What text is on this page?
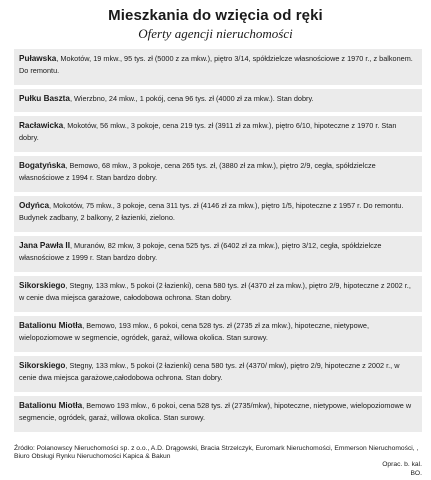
Mieszkania do wzięcia od ręki
Oferty agencji nieruchomości
Puławska, Mokotów, 19 mkw., 95 tys. zł (5000 z za mkw.), piętro 3/14, spółdzielcze własnościowe z 1970 r., z balkonem. Do remontu.
Pułku Baszta, Wierzbno, 24 mkw., 1 pokój, cena 96 tys. zł (4000 zł za mkw.). Stan dobry.
Racławicka, Mokotów, 56 mkw., 3 pokoje, cena 219 tys. zł (3911 zł za mkw.), piętro 6/10, hipoteczne z 1970 r. Stan dobry.
Bogatyńska, Bemowo, 68 mkw., 3 pokoje, cena 265 tys. zł, (3880 zł za mkw.), piętro 2/9, cegła, spółdzielcze własnościowe z 1994 r. Stan bardzo dobry.
Odyńca, Mokotów, 75 mkw., 3 pokoje, cena 311 tys. zł (4146 zł za mkw.), piętro 1/5, hipoteczne z 1957 r. Do remontu. Budynek zadbany, 2 balkony, 2 łazienki, zielono.
Jana Pawła II, Muranów, 82 mkw, 3 pokoje, cena 525 tys. zł (6402 zł za mkw.), piętro 3/12, cegła, spółdzielcze własnościowe z 1999 r. Stan bardzo dobry.
Sikorskiego, Stegny, 133 mkw., 5 pokoi (2 łazienki), cena 580 tys. zł (4370 zł za mkw.), piętro 2/9, hipoteczne z 2002 r., w cenie dwa miejsca garażowe, całodobowa ochrona. Stan dobry.
Batalionu Miotła, Bemowo, 193 mkw., 6 pokoi, cena 528 tys. zł (2735 zł za mkw.), hipoteczne, nietypowe, wielopoziomowe w segmencie, ogródek, garaż, willowa okolica. Stan surowy.
Sikorskiego, Stegny, 133 mkw., 5 pokoi (2 łazienki) cena 580 tys. zł (4370/ mkw), piętro 2/9, hipoteczne z 2002 r., w cenie dwa miejsca garażowe,całodobowa ochrona. Stan dobry.
Batalionu Miotła, Bemowo 193 mkw., 6 pokoi, cena 528 tys. zł (2735/mkw), hipoteczne, nietypowe, wielopoziomowe w segmencie, ogródek, garaż, willowa okolica. Stan surowy.
Źródło: Polanowscy Nieruchomości sp. z o.o., A.D. Drągowski, Bracia Strzelczyk, Euromark Nieruchomości, Emmerson Nieruchomości, , Biuro Obsługi Rynku Nieruchomości Kapica & Bakun
Oprac. b. kal.
BO.
